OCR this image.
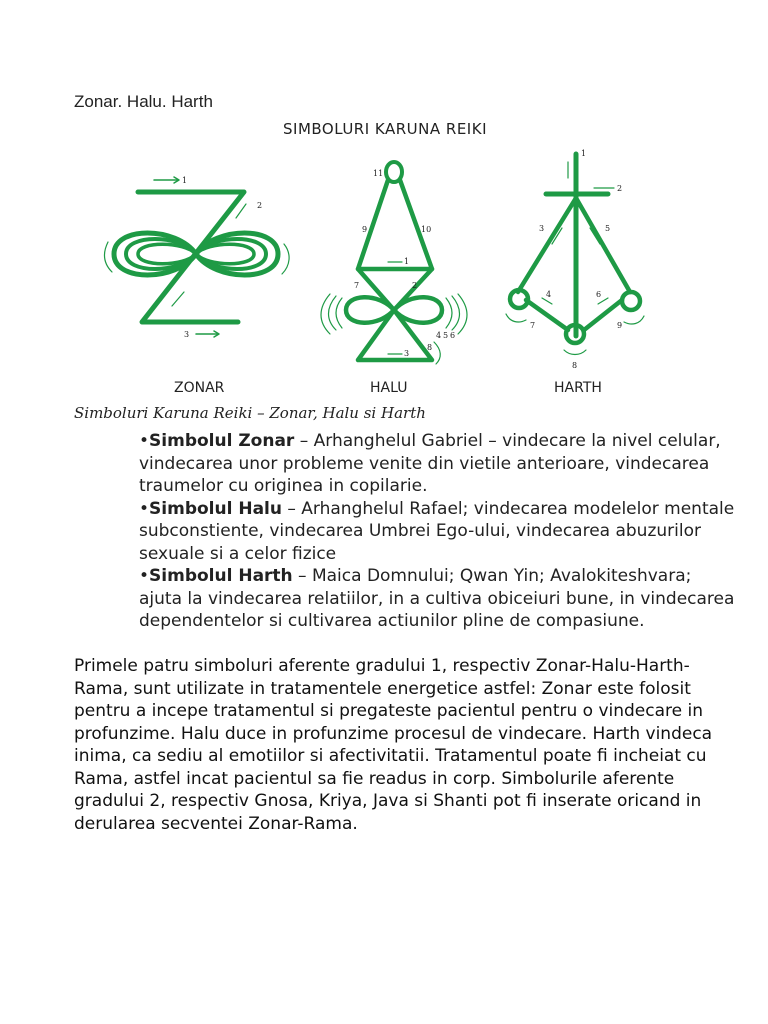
Zonar. Halu. Harth
SIMBOLURI KARUNA REIKI
1
2
3
11
9	10
1
7	2
4 5 6
3
8
1
2
3	5
4	6
7	9
8
ZONAR	HALU	HARTH
Simboluri Karuna Reiki – Zonar, Halu si Harth

•Simbolul Zonar – Arhanghelul Gabriel – vindecare la nivel celular, vindecarea unor probleme venite din vietile anterioare, vindecarea traumelor cu originea in copilarie.

•Simbolul Halu – Arhanghelul Rafael; vindecarea modelelor mentale subconstiente, vindecarea Umbrei Ego-ului, vindecarea abuzurilor sexuale si a celor fizice

•Simbolul Harth – Maica Domnului; Qwan Yin; Avalokiteshvara; ajuta la vindecarea relatiilor, in a cultiva obiceiuri bune, in vindecarea dependentelor si cultivarea actiunilor pline de compasiune.

Primele patru simboluri aferente gradului 1, respectiv Zonar-Halu-Harth-Rama, sunt utilizate in tratamentele energetice astfel: Zonar este folosit pentru a incepe tratamentul si pregateste pacientul pentru o vindecare in profunzime. Halu duce in profunzime procesul de vindecare. Harth vindeca inima, ca sediu al emotiilor si afectivitatii. Tratamentul poate fi incheiat cu Rama, astfel incat pacientul sa fie readus in corp. Simbolurile aferente gradului 2, respectiv Gnosa, Kriya, Java si Shanti pot fi inserate oricand in derularea secventei Zonar-Rama.
